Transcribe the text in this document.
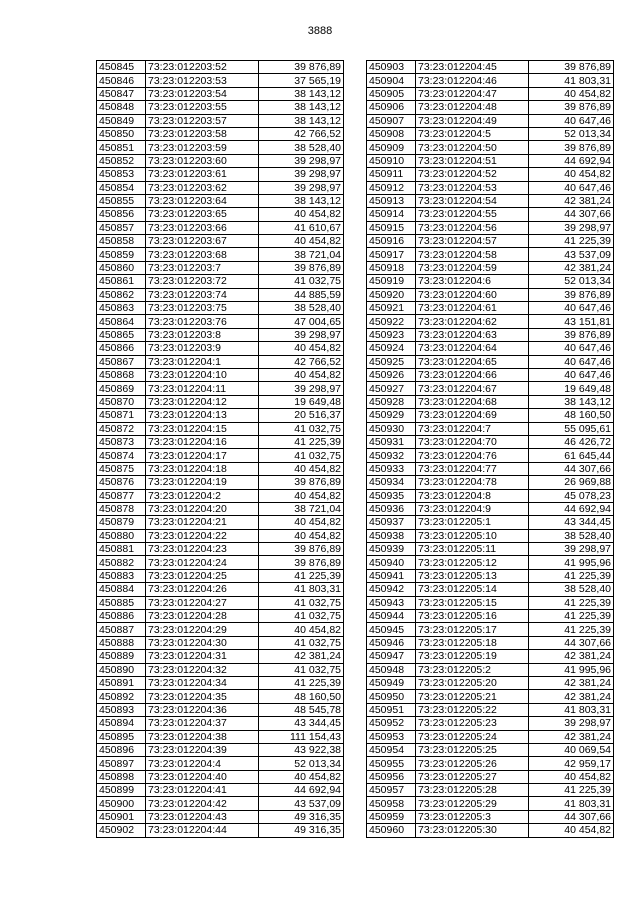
3888
450845	73:23:012203:52	39 876,89
450846	73:23:012203:53	37 565,19
450847	73:23:012203:54	38 143,12
450848	73:23:012203:55	38 143,12
450849	73:23:012203:57	38 143,12
450850	73:23:012203:58	42 766,52
450851	73:23:012203:59	38 528,40
450852	73:23:012203:60	39 298,97
450853	73:23:012203:61	39 298,97
450854	73:23:012203:62	39 298,97
450855	73:23:012203:64	38 143,12
450856	73:23:012203:65	40 454,82
450857	73:23:012203:66	41 610,67
450858	73:23:012203:67	40 454,82
450859	73:23:012203:68	38 721,04
450860	73:23:012203:7	39 876,89
450861	73:23:012203:72	41 032,75
450862	73:23:012203:74	44 885,59
450863	73:23:012203:75	38 528,40
450864	73:23:012203:76	47 004,65
450865	73:23:012203:8	39 298,97
450866	73:23:012203:9	40 454,82
450867	73:23:012204:1	42 766,52
450868	73:23:012204:10	40 454,82
450869	73:23:012204:11	39 298,97
450870	73:23:012204:12	19 649,48
450871	73:23:012204:13	20 516,37
450872	73:23:012204:15	41 032,75
450873	73:23:012204:16	41 225,39
450874	73:23:012204:17	41 032,75
450875	73:23:012204:18	40 454,82
450876	73:23:012204:19	39 876,89
450877	73:23:012204:2	40 454,82
450878	73:23:012204:20	38 721,04
450879	73:23:012204:21	40 454,82
450880	73:23:012204:22	40 454,82
450881	73:23:012204:23	39 876,89
450882	73:23:012204:24	39 876,89
450883	73:23:012204:25	41 225,39
450884	73:23:012204:26	41 803,31
450885	73:23:012204:27	41 032,75
450886	73:23:012204:28	41 032,75
450887	73:23:012204:29	40 454,82
450888	73:23:012204:30	41 032,75
450889	73:23:012204:31	42 381,24
450890	73:23:012204:32	41 032,75
450891	73:23:012204:34	41 225,39
450892	73:23:012204:35	48 160,50
450893	73:23:012204:36	48 545,78
450894	73:23:012204:37	43 344,45
450895	73:23:012204:38	111 154,43
450896	73:23:012204:39	43 922,38
450897	73:23:012204:4	52 013,34
450898	73:23:012204:40	40 454,82
450899	73:23:012204:41	44 692,94
450900	73:23:012204:42	43 537,09
450901	73:23:012204:43	49 316,35
450902	73:23:012204:44	49 316,35
450903	73:23:012204:45	39 876,89
450904	73:23:012204:46	41 803,31
450905	73:23:012204:47	40 454,82
450906	73:23:012204:48	39 876,89
450907	73:23:012204:49	40 647,46
450908	73:23:012204:5	52 013,34
450909	73:23:012204:50	39 876,89
450910	73:23:012204:51	44 692,94
450911	73:23:012204:52	40 454,82
450912	73:23:012204:53	40 647,46
450913	73:23:012204:54	42 381,24
450914	73:23:012204:55	44 307,66
450915	73:23:012204:56	39 298,97
450916	73:23:012204:57	41 225,39
450917	73:23:012204:58	43 537,09
450918	73:23:012204:59	42 381,24
450919	73:23:012204:6	52 013,34
450920	73:23:012204:60	39 876,89
450921	73:23:012204:61	40 647,46
450922	73:23:012204:62	43 151,81
450923	73:23:012204:63	39 876,89
450924	73:23:012204:64	40 647,46
450925	73:23:012204:65	40 647,46
450926	73:23:012204:66	40 647,46
450927	73:23:012204:67	19 649,48
450928	73:23:012204:68	38 143,12
450929	73:23:012204:69	48 160,50
450930	73:23:012204:7	55 095,61
450931	73:23:012204:70	46 426,72
450932	73:23:012204:76	61 645,44
450933	73:23:012204:77	44 307,66
450934	73:23:012204:78	26 969,88
450935	73:23:012204:8	45 078,23
450936	73:23:012204:9	44 692,94
450937	73:23:012205:1	43 344,45
450938	73:23:012205:10	38 528,40
450939	73:23:012205:11	39 298,97
450940	73:23:012205:12	41 995,96
450941	73:23:012205:13	41 225,39
450942	73:23:012205:14	38 528,40
450943	73:23:012205:15	41 225,39
450944	73:23:012205:16	41 225,39
450945	73:23:012205:17	41 225,39
450946	73:23:012205:18	44 307,66
450947	73:23:012205:19	42 381,24
450948	73:23:012205:2	41 995,96
450949	73:23:012205:20	42 381,24
450950	73:23:012205:21	42 381,24
450951	73:23:012205:22	41 803,31
450952	73:23:012205:23	39 298,97
450953	73:23:012205:24	42 381,24
450954	73:23:012205:25	40 069,54
450955	73:23:012205:26	42 959,17
450956	73:23:012205:27	40 454,82
450957	73:23:012205:28	41 225,39
450958	73:23:012205:29	41 803,31
450959	73:23:012205:3	44 307,66
450960	73:23:012205:30	40 454,82
